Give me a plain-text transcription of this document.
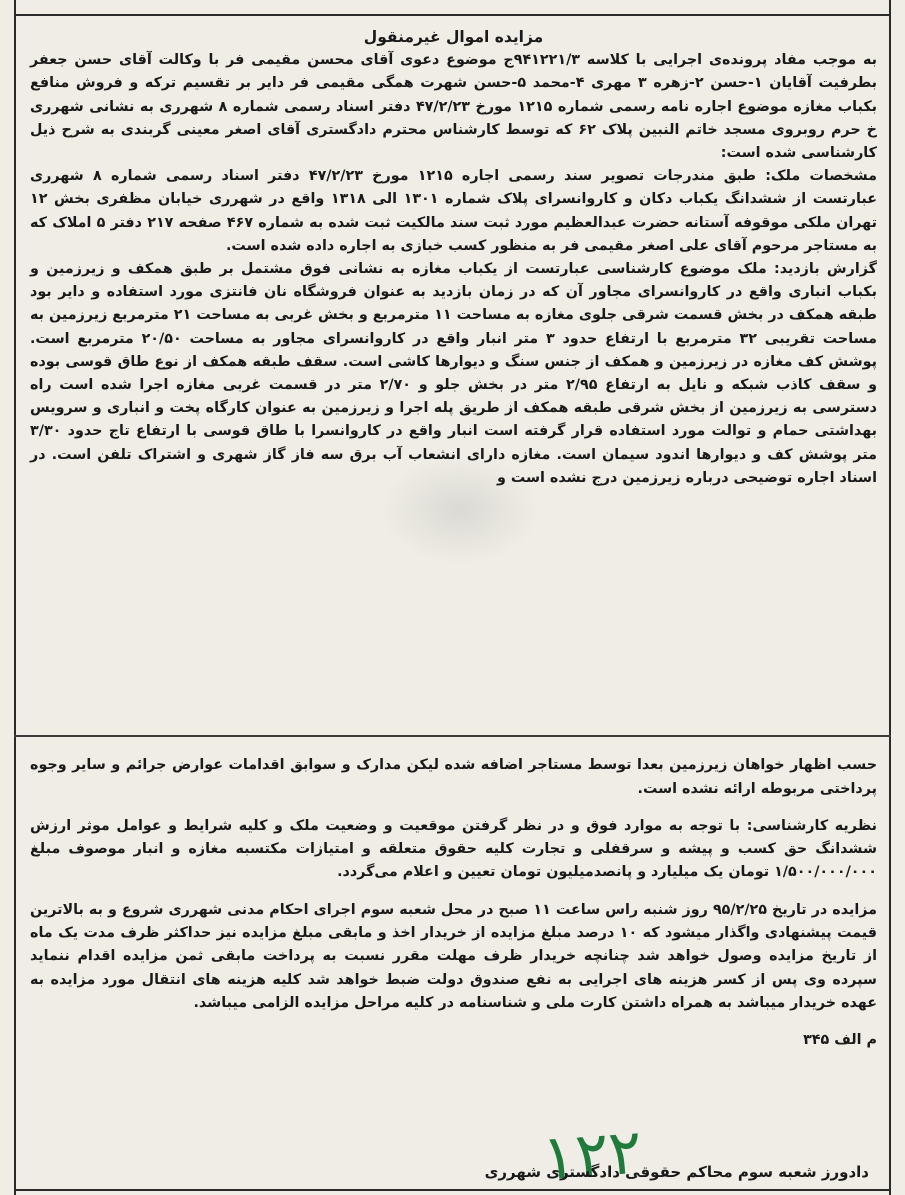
مزایده اموال غیرمنقول

به موجب مفاد پرونده‌ی اجرایی با کلاسه ۹۴۱۲۲۱/۳ج موضوع دعوی آقای محسن مقیمی فر با وکالت آقای حسن جعفر بطرفیت آقایان ۱-حسن ۲-زهره ۳ مهری ۴-محمد ۵-حسن شهرت همگی مقیمی فر دایر بر تقسیم ترکه و فروش منافع بکباب مغازه موضوع اجاره نامه رسمی شماره ۱۲۱۵ مورخ ۴۷/۲/۲۳ دفتر اسناد رسمی شماره ۸ شهرری به نشانی شهرری خ حرم روبروی مسجد خاتم النبین پلاک ۶۲ که توسط کارشناس محترم دادگستری آقای اصغر معینی گربندی به شرح ذیل کارشناسی شده است:

مشخصات ملک: طبق مندرجات تصویر سند رسمی اجاره ۱۲۱۵ مورخ ۴۷/۲/۲۳ دفتر اسناد رسمی شماره ۸ شهرری عبارتست از ششدانگ یکباب دکان و کاروانسرای پلاک شماره ۱۳۰۱ الی ۱۳۱۸ واقع در شهرری خیابان مظفری بخش ۱۲ تهران ملکی موقوفه آستانه حضرت عبدالعظیم مورد ثبت سند مالکیت ثبت شده به شماره ۴۶۷ صفحه ۲۱۷ دفتر ۵ املاک که به مستاجر مرحوم آقای علی اصغر مقیمی فر به منظور کسب خبازی به اجاره داده شده است.

گزارش بازدید: ملک موضوع کارشناسی عبارتست از یکباب مغازه به نشانی فوق مشتمل بر طبق همکف و زیرزمین و بکباب انباری واقع در کاروانسرای مجاور آن که در زمان بازدید به عنوان فروشگاه نان فانتزی مورد استفاده و دایر بود طبقه همکف در بخش قسمت شرقی جلوی مغازه به مساحت ۱۱ مترمربع و بخش غربی به مساحت ۲۱ مترمربع زیرزمین به مساحت تقریبی ۳۲ مترمربع با ارتفاع حدود ۳ متر انبار واقع در کاروانسرای مجاور به مساحت ۲۰/۵۰ مترمربع است. پوشش کف مغازه در زیرزمین و همکف از جنس سنگ و دیوارها کاشی است. سقف طبقه همکف از نوع طاق قوسی بوده و سقف کاذب شبکه و نایل به ارتفاع ۲/۹۵ متر در بخش جلو و ۲/۷۰ متر در قسمت غربی مغازه اجرا شده است راه دسترسی به زیرزمین از بخش شرقی طبقه همکف از طریق پله اجرا و زیرزمین به عنوان کارگاه پخت و انباری و سرویس بهداشتی حمام و توالت مورد استفاده قرار گرفته است انبار واقع در کاروانسرا با طاق قوسی با ارتفاع تاج حدود ۳/۳۰ متر پوشش کف و دیوارها اندود سیمان است. مغازه دارای انشعاب آب برق سه فاز گاز شهری و اشتراک تلفن است. در اسناد اجاره توضیحی درباره زیرزمین درج نشده است و

حسب اظهار خواهان زیرزمین بعدا توسط مستاجر اضافه شده لیکن مدارک و سوابق اقدامات عوارض جرائم و سایر وجوه پرداختی مربوطه ارائه نشده است.

نظریه کارشناسی: با توجه به موارد فوق و در نظر گرفتن موقعیت و وضعیت ملک و کلیه شرایط و عوامل موثر ارزش ششدانگ حق کسب و پیشه و سرقفلی و تجارت کلیه حقوق متعلقه و امتیازات مکتسبه مغازه و انبار موصوف مبلغ ۱/۵۰۰/۰۰۰/۰۰۰ تومان یک میلیارد و پانصدمیلیون تومان تعیین و اعلام می‌گردد.

مزایده در تاریخ ۹۵/۲/۲۵ روز شنبه راس ساعت ۱۱ صبح در محل شعبه سوم اجرای احکام مدنی شهرری شروع و به بالاترین قیمت پیشنهادی واگذار میشود که ۱۰ درصد مبلغ مزایده از خریدار اخذ و مابقی مبلغ مزایده نیز حداکثر ظرف مدت یک ماه از تاریخ مزایده وصول خواهد شد چنانچه خریدار ظرف مهلت مقرر نسبت به پرداخت مابقی ثمن مزایده اقدام ننماید سپرده وی پس از کسر هزینه های اجرایی به نفع صندوق دولت ضبط خواهد شد کلیه هزینه های انتقال مورد مزایده به عهده خریدار میباشد به همراه داشتن کارت ملی و شناسنامه در کلیه مراحل مزایده الزامی میباشد.

م الف ۳۴۵

۱۲۲
دادورز شعبه سوم محاکم حقوقی دادگستری شهرری
